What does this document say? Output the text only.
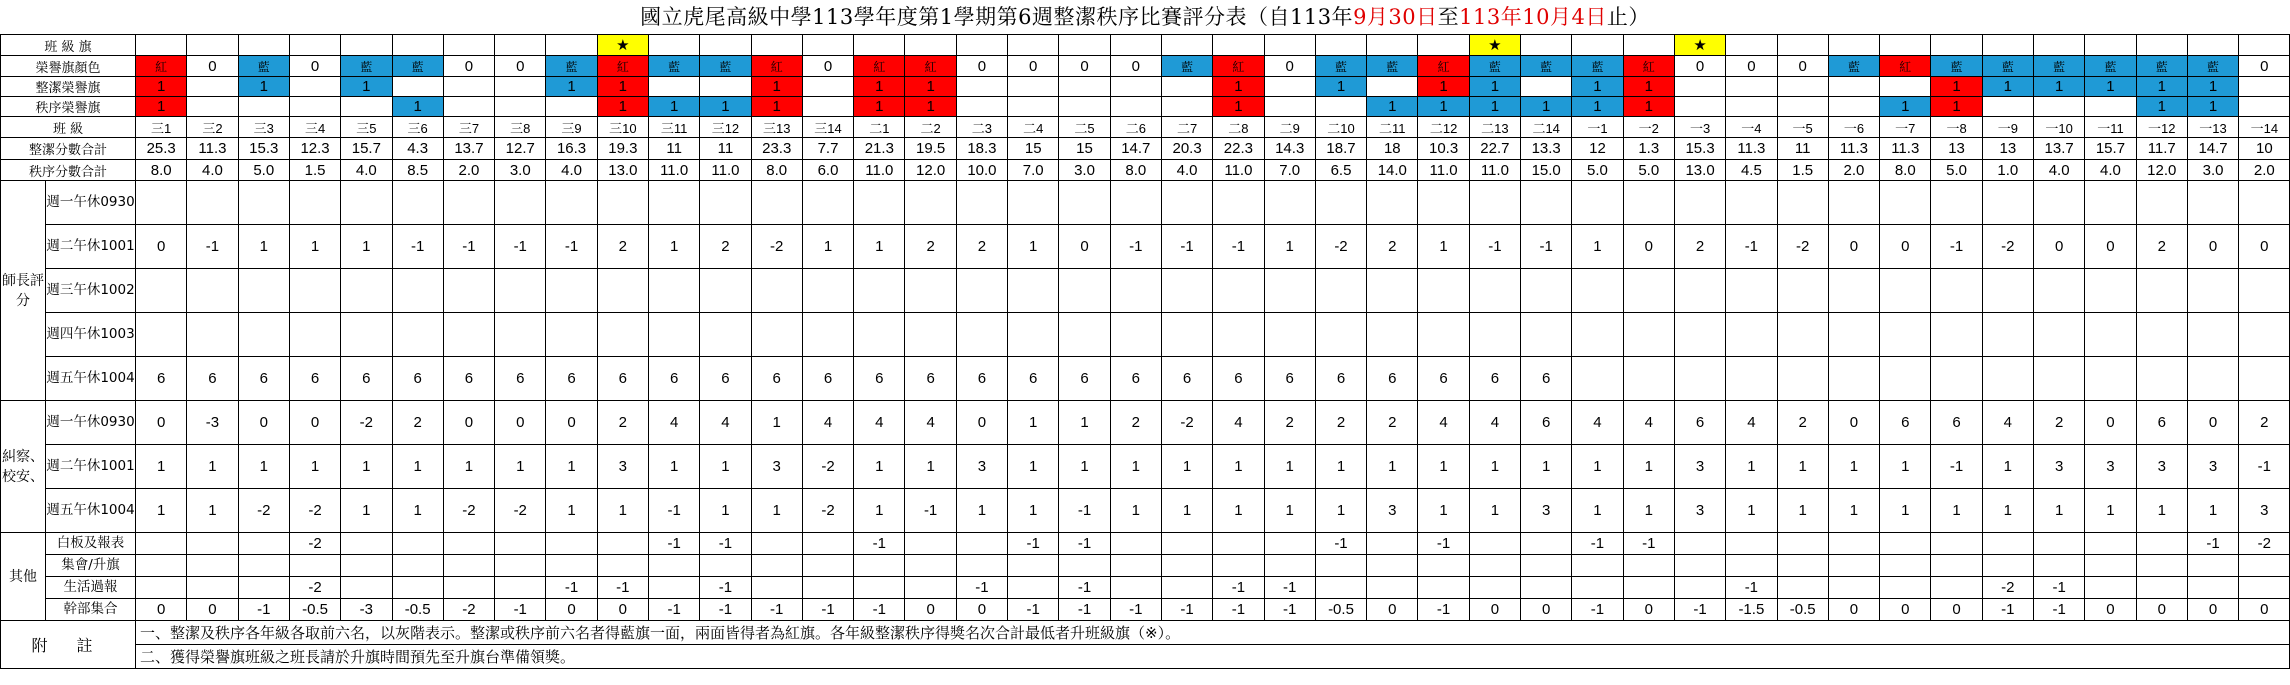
國立虎尾高級中學113學年度第1學期第6週整潔秩序比賽評分表（自113年9月30日至113年10月4日止）
班 級 旗											★																	★				★											
榮譽旗顏色		紅	0	藍	0	藍	藍	0	0	藍	紅	藍	藍	紅	0	紅	紅	0	0	0	0	藍	紅	0	藍	藍	紅	藍	藍	藍	紅	0	0	0	藍	紅	藍	藍	藍	藍	藍	藍	0
整潔榮譽旗		1		1		1				1	1			1		1	1						1		1		1	1		1	1						1	1	1	1	1	1	
秩序榮譽旗		1					1				1	1	1	1		1	1						1			1	1	1	1	1	1					1	1				1	1	
班 級		三1	三2	三3	三4	三5	三6	三7	三8	三9	三10	三11	三12	三13	三14	二1	二2	二3	二4	二5	二6	二7	二8	二9	二10	二11	二12	二13	二14	一1	一2	一3	一4	一5	一6	一7	一8	一9	一10	一11	一12	一13	一14
整潔分數合計		25.3	11.3	15.3	12.3	15.7	4.3	13.7	12.7	16.3	19.3	11	11	23.3	7.7	21.3	19.5	18.3	15	15	14.7	20.3	22.3	14.3	18.7	18	10.3	22.7	13.3	12	1.3	15.3	11.3	11	11.3	11.3	13	13	13.7	15.7	11.7	14.7	10
秩序分數合計		8.0	4.0	5.0	1.5	4.0	8.5	2.0	3.0	4.0	13.0	11.0	11.0	8.0	6.0	11.0	12.0	10.0	7.0	3.0	8.0	4.0	11.0	7.0	6.5	14.0	11.0	11.0	15.0	5.0	5.0	13.0	4.5	1.5	2.0	8.0	5.0	1.0	4.0	4.0	12.0	3.0	2.0
師長評分	週一午休0930																																										
	週二午休1001	0	-1	1	1	1	-1	-1	-1	-1	2	1	2	-2	1	1	2	2	1	0	-1	-1	-1	1	-2	2	1	-1	-1	1	0	2	-1	-2	0	0	-1	-2	0	0	2	0	0
	週三午休1002																																										
	週四午休1003																																										
	週五午休1004	6	6	6	6	6	6	6	6	6	6	6	6	6	6	6	6	6	6	6	6	6	6	6	6	6	6	6	6														
糾察、校安、	週一午休0930	0	-3	0	0	-2	2	0	0	0	2	4	4	1	4	4	4	0	1	1	2	-2	4	2	2	2	4	4	6	4	4	6	4	2	0	6	6	4	2	0	6	0	2
	週二午休1001	1	1	1	1	1	1	1	1	1	3	1	1	3	-2	1	1	3	1	1	1	1	1	1	1	1	1	1	1	1	1	3	1	1	1	1	-1	1	3	3	3	3	-1
	週五午休1004	1	1	-2	-2	1	1	-2	-2	1	1	-1	1	1	-2	1	-1	1	1	-1	1	1	1	1	1	3	1	1	3	1	1	3	1	1	1	1	1	1	1	1	1	1	3
其他	白板及報表				-2							-1	-1			-1			-1	-1					-1		-1			-1	-1											-1	-2
	集會/升旗																																										
	生活過報				-2					-1	-1		-1					-1		-1			-1	-1									-1					-2	-1				
	幹部集合	0	0	-1	-0.5	-3	-0.5	-2	-1	0	0	-1	-1	-1	-1	-1	0	0	-1	-1	-1	-1	-1	-1	-0.5	0	-1	0	0	-1	0	-1	-1.5	-0.5	0	0	0	-1	-1	0	0	0	0
附 註		一、整潔及秩序各年級各取前六名，以灰階表示。整潔或秩序前六名者得藍旗一面，兩面皆得者為紅旗。各年級整潔秩序得獎名次合計最低者升班級旗（※）。																																									
		二、獲得榮譽旗班級之班長請於升旗時間預先至升旗台準備領獎。																																									
